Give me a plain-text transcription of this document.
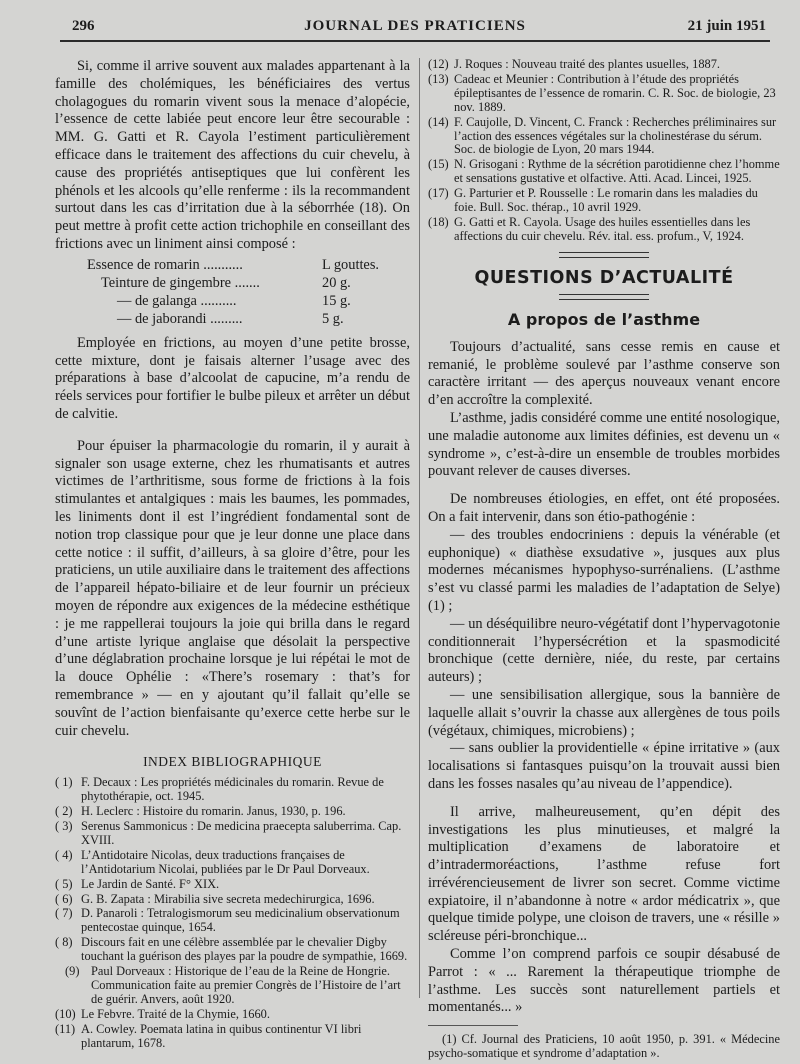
296	JOURNAL DES PRATICIENS	21 juin 1951

Si, comme il arrive souvent aux malades appartenant à la famille des cholémiques, les bénéficiaires des vertus cholagogues du romarin vivent sous la menace d’alopécie, l’essence de cette labiée peut encore leur être secourable : MM. G. Gatti et R. Cayola l’estiment particulièrement efficace dans le traitement des affections du cuir chevelu, à cause des propriétés antiseptiques que lui confèrent les phénols et les alcools qu’elle renferme : ils la recommandent surtout dans les cas d’irritation due à la séborrhée (18). On peut mettre à profit cette action trichophile en conseillant des frictions avec un liniment ainsi composé :

Essence de romarin ...........	L gouttes.
Teinture de gingembre .......	20 g.
— de galanga ..........	15 g.
— de jaborandi .........	5 g.

Employée en frictions, au moyen d’une petite brosse, cette mixture, dont je faisais alterner l’usage avec des préparations à base d’alcoolat de capucine, m’a rendu de réels services pour fortifier le bulbe pileux et arrêter un début de calvitie.

Pour épuiser la pharmacologie du romarin, il y aurait à signaler son usage externe, chez les rhumatisants et autres victimes de l’arthritisme, sous forme de frictions à la fois stimulantes et antalgiques : mais les baumes, les pommades, les liniments dont il est l’ingrédient fondamental sont de notion trop classique pour que je leur donne une place dans cette notice : il suffit, d’ailleurs, à sa gloire d’être, pour les praticiens, un utile auxiliaire dans le traitement des affections de l’appareil hépato-biliaire et de leur fournir un précieux moyen de répondre aux exigences de la médecine esthétique : je me rappellerai toujours la joie qui brilla dans le regard d’une artiste lyrique anglaise que désolait la perspective d’une déglabration prochaine lorsque je lui répétai le mot de la douce Ophélie : «There’s rosemary : that’s for remembrance » — en y ajoutant qu’il fallait qu’elle se souvînt de l’action bienfaisante qu’exerce cette herbe sur le cuir chevelu.

INDEX BIBLIOGRAPHIQUE
( 1) F. Decaux : Les propriétés médicinales du romarin. Revue de phytothérapie, oct. 1945.
( 2) H. Leclerc : Histoire du romarin. Janus, 1930, p. 196.
( 3) Serenus Sammonicus : De medicina praecepta saluberrima. Cap. XVIII.
( 4) L’Antidotaire Nicolas, deux traductions françaises de l’Antidotarium Nicolai, publiées par le Dr Paul Dorveaux.
( 5) Le Jardin de Santé. F° XIX.
( 6) G. B. Zapata : Mirabilia sive secreta medechirurgica, 1696.
( 7) D. Panaroli : Tetralogismorum seu medicinalium observationum pentecostae quinque, 1654.
( 8) Discours fait en une célèbre assemblée par le chevalier Digby touchant la guérison des playes par la poudre de sympathie, 1669.
(9) Paul Dorveaux : Historique de l’eau de la Reine de Hongrie. Communication faite au premier Congrès de l’Histoire de l’art de guérir. Anvers, août 1920.
(10) Le Febvre. Traité de la Chymie, 1660.
(11) A. Cowley. Poemata latina in quibus continentur VI libri plantarum, 1678.
(12) J. Roques : Nouveau traité des plantes usuelles, 1887.
(13) Cadeac et Meunier : Contribution à l’étude des propriétés épileptisantes de l’essence de romarin. C. R. Soc. de biologie, 23 nov. 1889.
(14) F. Caujolle, D. Vincent, C. Franck : Recherches préliminaires sur l’action des essences végétales sur la cholinestérase du sérum. Soc. de biologie de Lyon, 20 mars 1944.
(15) N. Grisogani : Rythme de la sécrétion parotidienne chez l’homme et sensations gustative et olfactive. Atti. Acad. Lincei, 1925.
(17) G. Parturier et P. Rousselle : Le romarin dans les maladies du foie. Bull. Soc. thérap., 10 avril 1929.
(18) G. Gatti et R. Cayola. Usage des huiles essentielles dans les affections du cuir chevelu. Rév. ital. ess. profum., V, 1924.
QUESTIONS D’ACTUALITÉ
A propos de l’asthme

Toujours d’actualité, sans cesse remis en cause et remanié, le problème soulevé par l’asthme conserve son caractère irritant — des aperçus nouveaux venant encore d’en accroître la complexité.

L’asthme, jadis considéré comme une entité nosologique, une maladie autonome aux limites définies, est devenu un « syndrome », c’est-à-dire un ensemble de troubles morbides pouvant relever de causes diverses.

De nombreuses étiologies, en effet, ont été proposées. On a fait intervenir, dans son étio-pathogénie :

— des troubles endocriniens : depuis la vénérable (et euphonique) « diathèse exsudative », jusques aux plus modernes mécanismes hypophyso-surrénaliens. (L’asthme s’est vu classé parmi les maladies de l’adaptation de Selye) (1) ;

— un déséquilibre neuro-végétatif dont l’hypervagotonie conditionnerait l’hypersécrétion et la spasmodicité bronchique (cette dernière, niée, du reste, par certains auteurs) ;

— une sensibilisation allergique, sous la bannière de laquelle allait s’ouvrir la chasse aux allergènes de tous poils (végétaux, chimiques, microbiens) ;

— sans oublier la providentielle « épine irritative » (aux localisations si fantasques puisqu’on la trouvait aussi bien dans les fosses nasales qu’au niveau de l’appendice).

Il arrive, malheureusement, qu’en dépit des investigations les plus minutieuses, et malgré la multiplication d’examens de laboratoire et d’intradermoréactions, l’asthme refuse fort irrévérencieusement de livrer son secret. Comme victime expiatoire, il n’abandonne à notre « ardor médicatrix », que quelque timide polype, une cloison de travers, une « résille » scléreuse péri-bronchique...

Comme l’on comprend parfois ce soupir désabusé de Parrot : « ... Rarement la thérapeutique triomphe de l’asthme. Les succès sont naturellement partiels et momentanés... »

(1) Cf. Journal des Praticiens, 10 août 1950, p. 391. « Médecine psycho-somatique et syndrome d’adaptation ».
